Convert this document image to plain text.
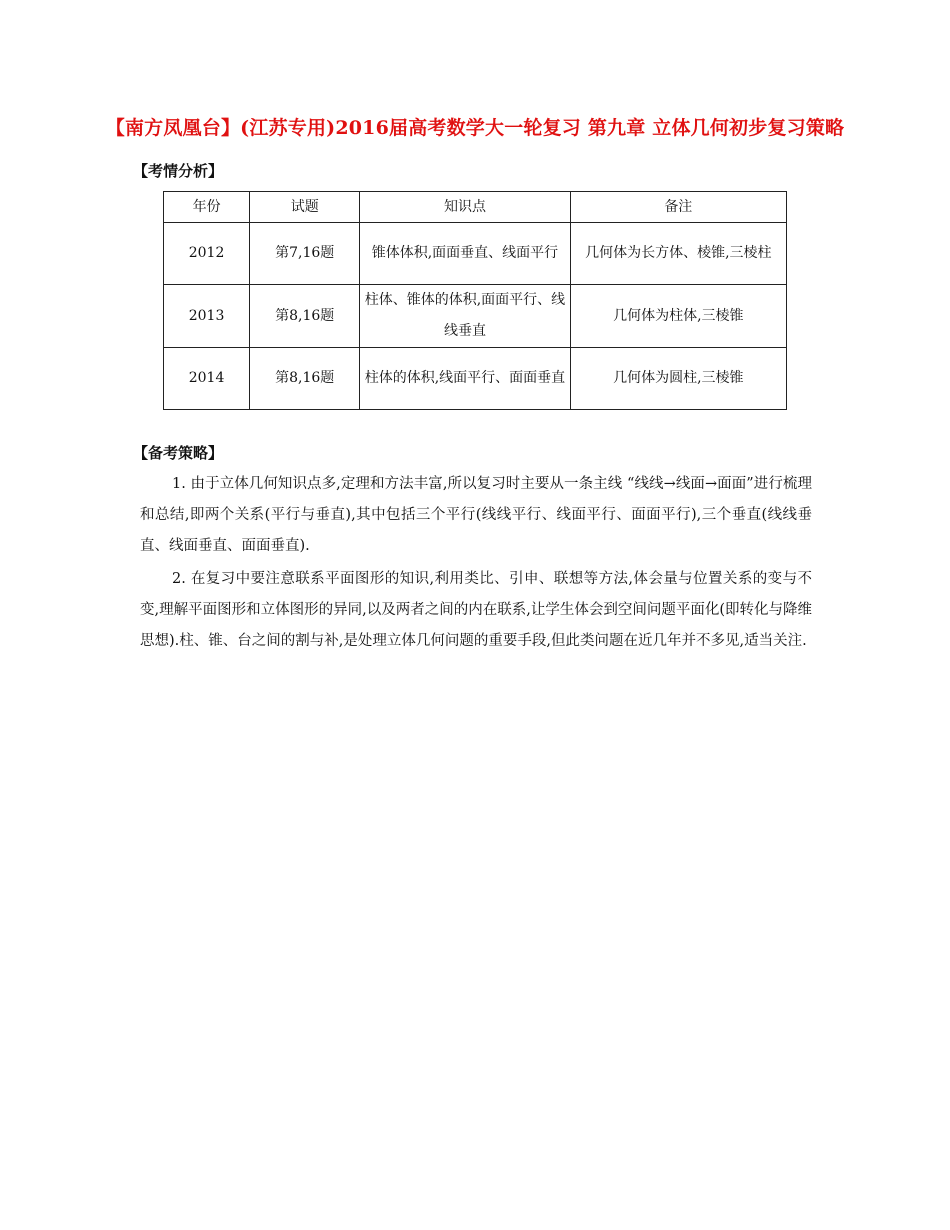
【南方凤凰台】(江苏专用)2016届高考数学大一轮复习 第九章 立体几何初步复习策略
【考情分析】
年份	试题	知识点	备注
2012	第7,16题	锥体体积,面面垂直、线面平行	几何体为长方体、棱锥,三棱柱
2013	第8,16题	柱体、锥体的体积,面面平行、线线垂直	几何体为柱体,三棱锥
2014	第8,16题	柱体的体积,线面平行、面面垂直	几何体为圆柱,三棱锥
【备考策略】

1. 由于立体几何知识点多,定理和方法丰富,所以复习时主要从一条主线 “线线→线面→面面”进行梳理和总结,即两个关系(平行与垂直),其中包括三个平行(线线平行、线面平行、面面平行),三个垂直(线线垂直、线面垂直、面面垂直).

2. 在复习中要注意联系平面图形的知识,利用类比、引申、联想等方法,体会量与位置关系的变与不变,理解平面图形和立体图形的异同,以及两者之间的内在联系,让学生体会到空间问题平面化(即转化与降维思想).柱、锥、台之间的割与补,是处理立体几何问题的重要手段,但此类问题在近几年并不多见,适当关注.
